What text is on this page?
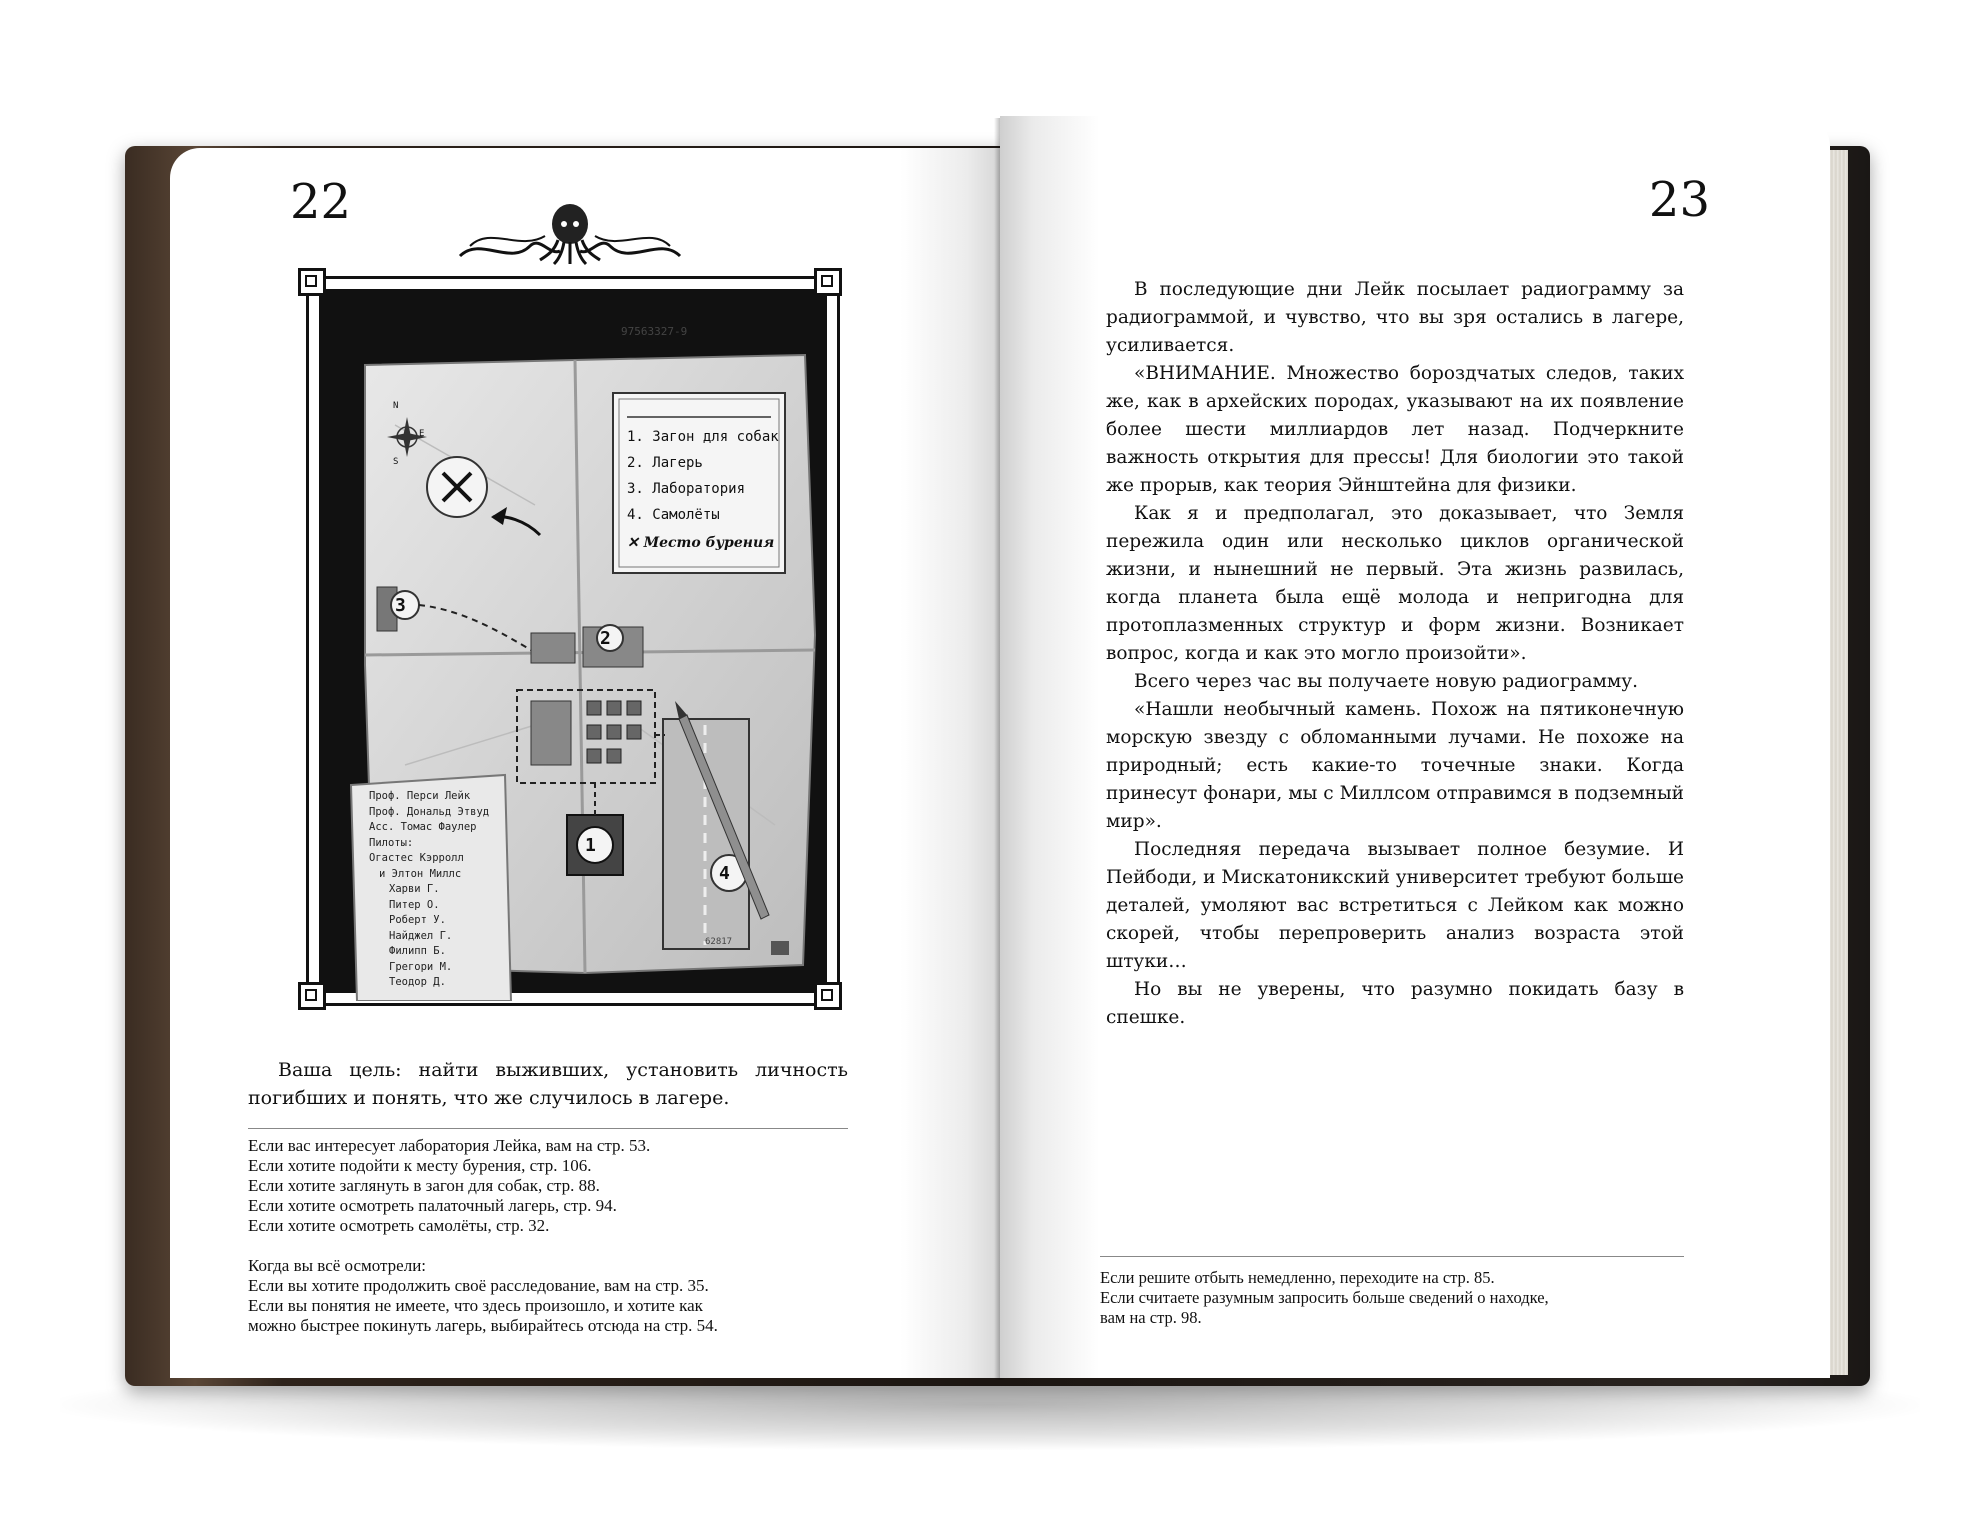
22
97563327-9
1. Загон для собак
2. Лагерь
3. Лаборатория
4. Самолёты
✕ Место бурения
N
E
S
2
3
1
4
62817
Проф. Перси Лейк
Проф. Дональд Этвуд
Асс. Томас Фаулер
Пилоты:
Огастес Кэрролл
и Элтон Миллс
Харви Г.
Питер О.
Роберт У.
Найджел Г.
Филипп Б.
Грегори М.
Теодор Д.
Ваша цель: найти выживших, установить личность погибших и понять, что же случилось в лагере.
Если вас интересует лаборатория Лейка, вам на стр. 53.
Если хотите подойти к месту бурения, стр. 106.
Если хотите заглянуть в загон для собак, стр. 88.
Если хотите осмотреть палаточный лагерь, стр. 94.
Если хотите осмотреть самолёты, стр. 32.
Когда вы всё осмотрели:
Если вы хотите продолжить своё расследование, вам на стр. 35.
Если вы понятия не имеете, что здесь произошло, и хотите как
можно быстрее покинуть лагерь, выбирайтесь отсюда на стр. 54.
23

В последующие дни Лейк посылает радиограмму за радиограммой, и чувство, что вы зря остались в лагере, усиливается.

«ВНИМАНИЕ. Множество бороздчатых следов, таких же, как в архейских породах, указывают на их появление более шести миллиардов лет назад. Подчеркните важность открытия для прессы! Для биологии это такой же прорыв, как теория Эйнштейна для физики.

Как я и предполагал, это доказывает, что Земля пережила один или несколько циклов органической жизни, и нынешний не первый. Эта жизнь развилась, когда планета была ещё молода и непригодна для протоплазменных структур и форм жизни. Возникает вопрос, когда и как это могло произойти».

Всего через час вы получаете новую радиограмму.

«Нашли необычный камень. Похож на пятиконечную морскую звезду с обломанными лучами. Не похоже на природный; есть какие-то точечные знаки. Когда принесут фонари, мы с Миллсом отправимся в подземный мир».

Последняя передача вызывает полное безумие. И Пейбоди, и Мискатоникский университет требуют больше деталей, умоляют вас встретиться с Лейком как можно скорей, чтобы перепроверить анализ возраста этой штуки…

Но вы не уверены, что разумно покидать базу в спешке.

Если решите отбыть немедленно, переходите на стр. 85.
Если считаете разумным запросить больше сведений о находке,
вам на стр. 98.
